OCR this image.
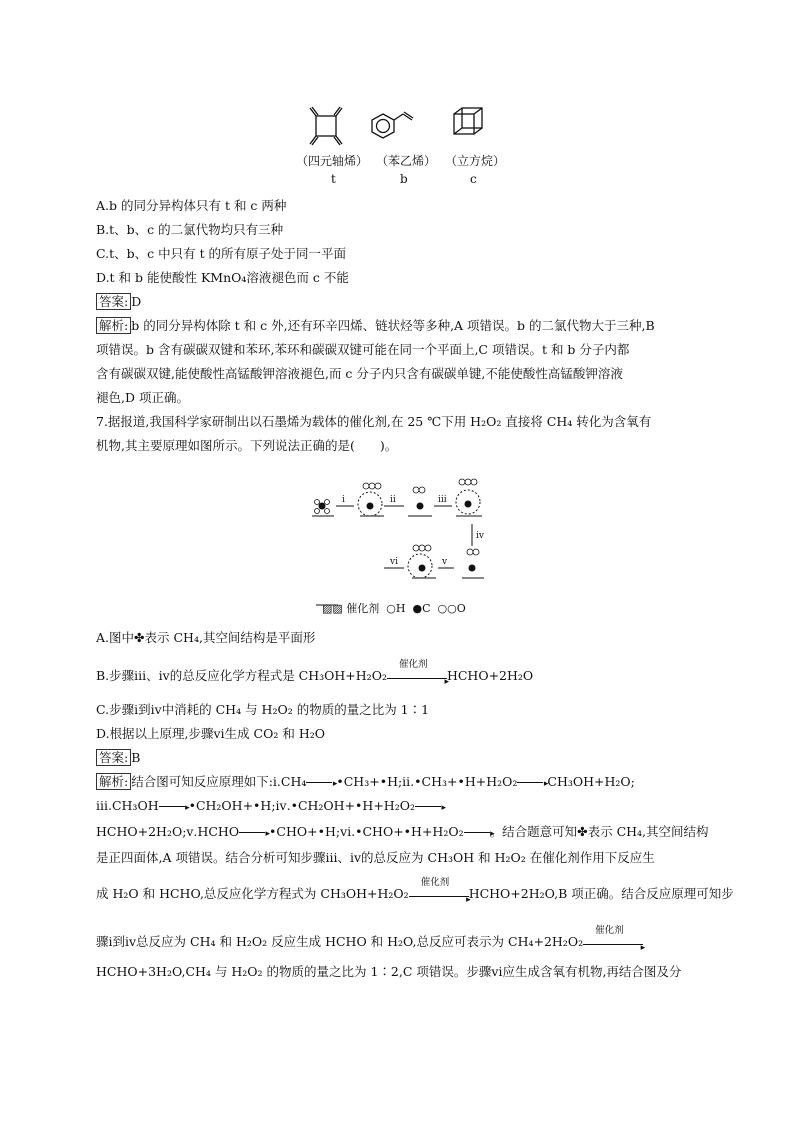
（四元轴烯） （苯乙烯） （立方烷）
t	b	c
A.b 的同分异构体只有 t 和 c 两种
B.t、b、c 的二氯代物均只有三种
C.t、b、c 中只有 t 的所有原子处于同一平面
D.t 和 b 能使酸性 KMnO₄溶液褪色而 c 不能
答案: D
解析: b 的同分异构体除 t 和 c 外,还有环辛四烯、链状烃等多种,A 项错误。b 的二氯代物大于三种,B
项错误。b 含有碳碳双键和苯环,苯环和碳碳双键可能在同一个平面上,C 项错误。t 和 b 分子内都
含有碳碳双键,能使酸性高锰酸钾溶液褪色,而 c 分子内只含有碳碳单键,不能使酸性高锰酸钾溶液
褪色,D 项正确。
7.据报道,我国科学家研制出以石墨烯为载体的催化剂,在 25 ℃下用 H₂O₂ 直接将 CH₄ 转化为含氧有
机物,其主要原理如图所示。下列说法正确的是(　　)。
i	ii	iii
iv
v
vi
▨▨ 催化剂  ○H  ●C  ○○O
A.图中✤表示 CH₄,其空间结构是平面形
B.步骤ⅲ、ⅳ的总反应化学方程式是 CH₃OH+H₂O₂
催化剂
▸
HCHO+2H₂O
C.步骤ⅰ到ⅳ中消耗的 CH₄ 与 H₂O₂ 的物质的量之比为 1∶1
D.根据以上原理,步骤ⅵ生成 CO₂ 和 H₂O
答案: B
解析: 结合图可知反应原理如下:ⅰ.CH₄ ▸ •CH₃+•H;ⅱ.•CH₃+•H+H₂O₂ ▸ CH₃OH+H₂O;
ⅲ.CH₃OH ▸ •CH₂OH+•H;ⅳ.•CH₂OH+•H+H₂O₂▸
HCHO+2H₂O;ⅴ.HCHO ▸ •CHO+•H;ⅵ.•CHO+•H+H₂O₂ ▸ 。结合题意可知✤表示 CH₄,其空间结构
是正四面体,A 项错误。结合分析可知步骤ⅲ、ⅳ的总反应为 CH₃OH 和 H₂O₂ 在催化剂作用下反应生
成 H₂O 和 HCHO,总反应化学方程式为 CH₃OH+H₂O₂
催化剂
▸
HCHO+2H₂O,B 项正确。结合反应原理可知步
骤ⅰ到ⅳ总反应为 CH₄ 和 H₂O₂ 反应生成 HCHO 和 H₂O,总反应可表示为 CH₄+2H₂O₂
催化剂
▸
HCHO+3H₂O,CH₄ 与 H₂O₂ 的物质的量之比为 1∶2,C 项错误。步骤ⅵ应生成含氧有机物,再结合图及分
